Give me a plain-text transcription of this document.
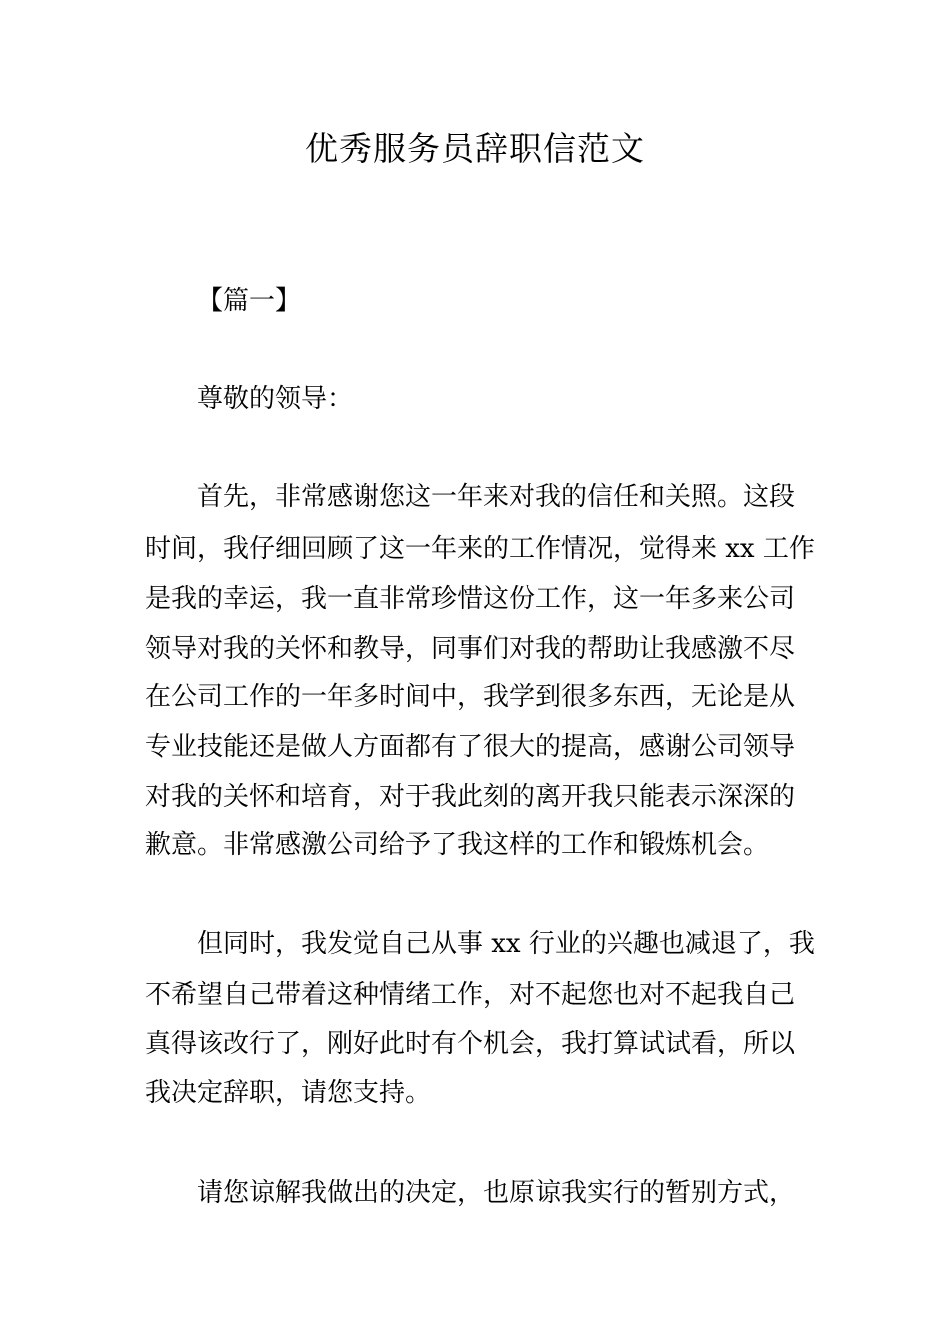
优秀服务员辞职信范文
【篇一】
尊敬的领导：
首先，非常感谢您这一年来对我的信任和关照。这段
时间，我仔细回顾了这一年来的工作情况，觉得来 xx 工作
是我的幸运，我一直非常珍惜这份工作，这一年多来公司
领导对我的关怀和教导，同事们对我的帮助让我感激不尽
在公司工作的一年多时间中，我学到很多东西，无论是从
专业技能还是做人方面都有了很大的提高，感谢公司领导
对我的关怀和培育，对于我此刻的离开我只能表示深深的
歉意。非常感激公司给予了我这样的工作和锻炼机会。
但同时，我发觉自己从事 xx 行业的兴趣也减退了，我
不希望自己带着这种情绪工作，对不起您也对不起我自己
真得该改行了，刚好此时有个机会，我打算试试看，所以
我决定辞职，请您支持。
请您谅解我做出的决定，也原谅我实行的暂别方式，
